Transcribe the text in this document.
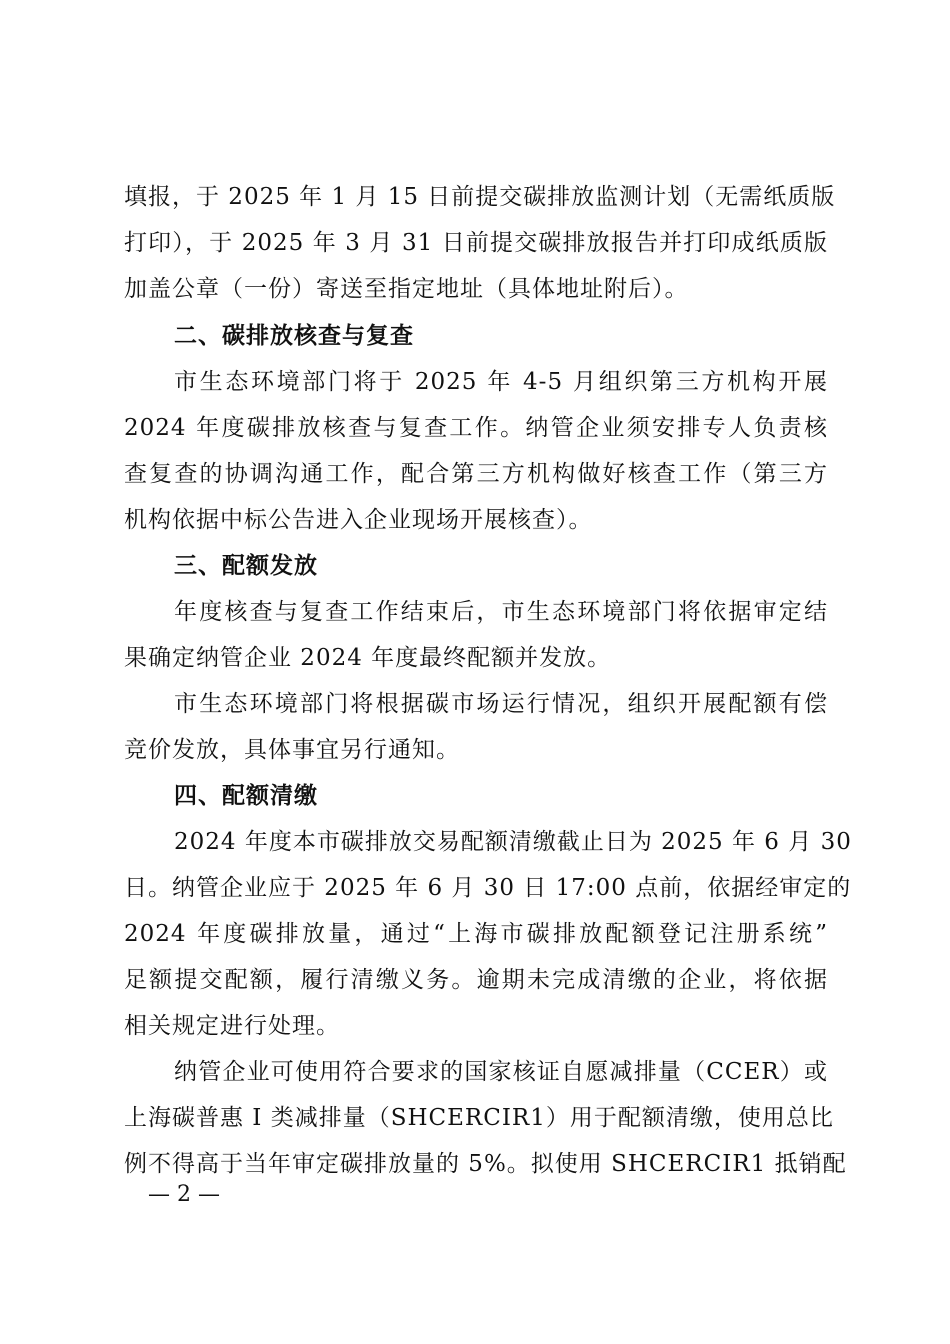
填报，于 2025 年 1 月 15 日前提交碳排放监测计划（无需纸质版
打印），于 2025 年 3 月 31 日前提交碳排放报告并打印成纸质版
加盖公章（一份）寄送至指定地址（具体地址附后）。
二、碳排放核查与复查
市生态环境部门将于 2025 年 4-5 月组织第三方机构开展
2024 年度碳排放核查与复查工作。纳管企业须安排专人负责核
查复查的协调沟通工作，配合第三方机构做好核查工作（第三方
机构依据中标公告进入企业现场开展核查）。
三、配额发放
年度核查与复查工作结束后，市生态环境部门将依据审定结
果确定纳管企业 2024 年度最终配额并发放。
市生态环境部门将根据碳市场运行情况，组织开展配额有偿
竞价发放，具体事宜另行通知。
四、配额清缴
2024 年度本市碳排放交易配额清缴截止日为 2025 年 6 月 30
日。纳管企业应于 2025 年 6 月 30 日 17:00 点前，依据经审定的
2024 年度碳排放量，通过“上海市碳排放配额登记注册系统”
足额提交配额，履行清缴义务。逾期未完成清缴的企业，将依据
相关规定进行处理。
纳管企业可使用符合要求的国家核证自愿减排量（CCER）或
上海碳普惠 I 类减排量（SHCERCIR1）用于配额清缴，使用总比
例不得高于当年审定碳排放量的 5%。拟使用 SHCERCIR1 抵销配
— 2 —
